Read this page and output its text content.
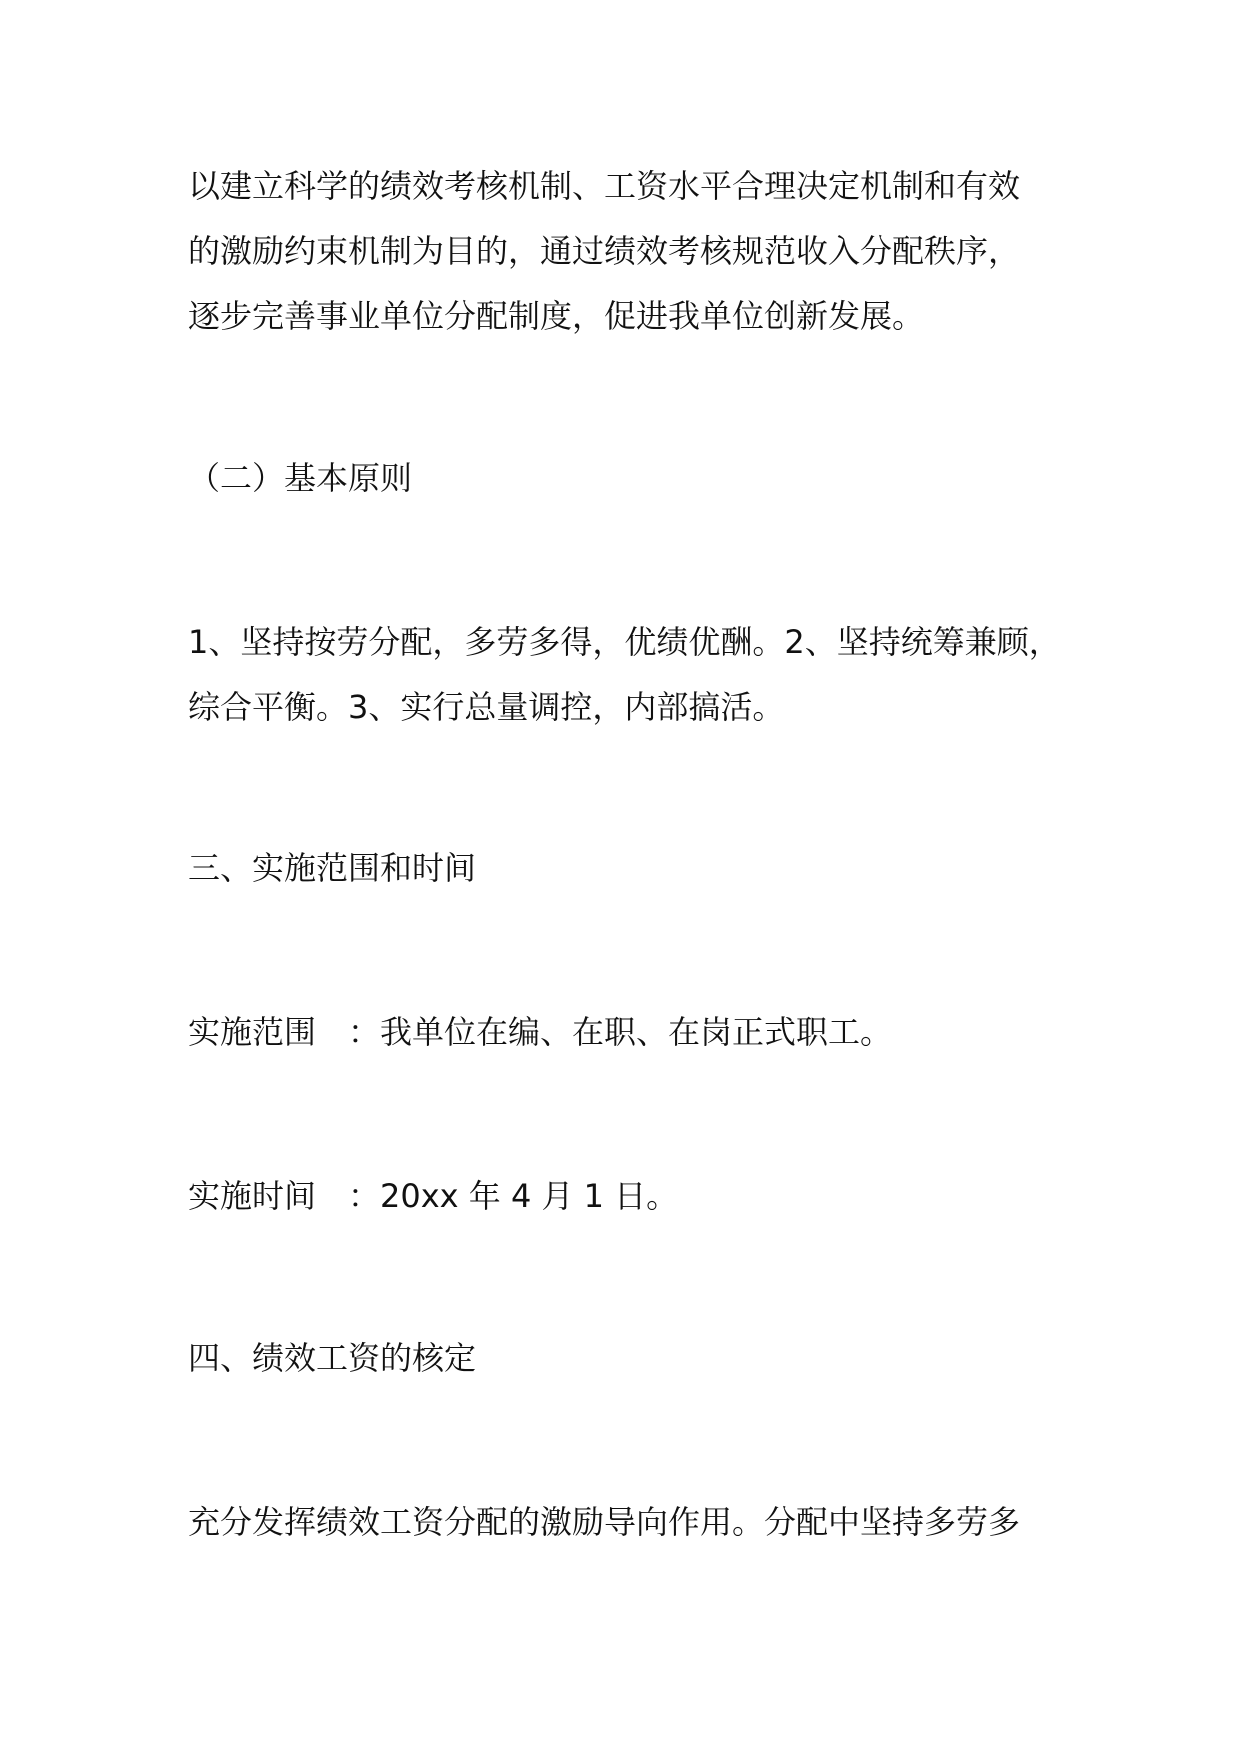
以建立科学的绩效考核机制、工资水平合理决定机制和有效
的激励约束机制为目的，通过绩效考核规范收入分配秩序，
逐步完善事业单位分配制度，促进我单位创新发展。
（二）基本原则
1、坚持按劳分配，多劳多得，优绩优酬。2、坚持统筹兼顾，
综合平衡。3、实行总量调控，内部搞活。
三、实施范围和时间
实施范围　：我单位在编、在职、在岗正式职工。
实施时间　：20xx 年 4 月 1 日。
四、绩效工资的核定
充分发挥绩效工资分配的激励导向作用。分配中坚持多劳多
